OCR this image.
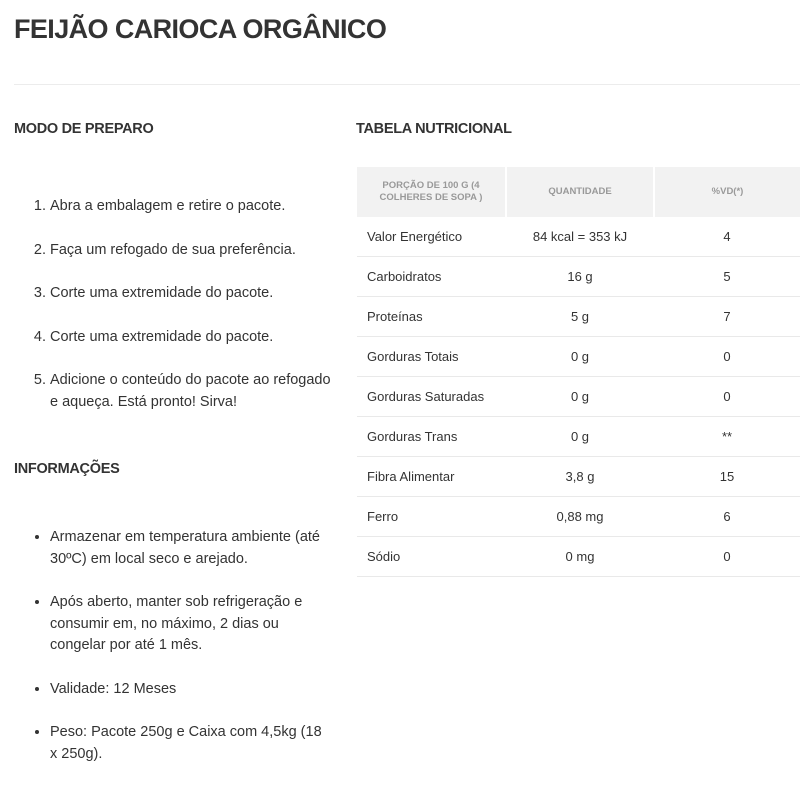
FEIJÃO CARIOCA ORGÂNICO
MODO DE PREPARO
1. Abra a embalagem e retire o pacote.
2. Faça um refogado de sua preferência.
3. Corte uma extremidade do pacote.
4. Corte uma extremidade do pacote.
5. Adicione o conteúdo do pacote ao refogado e aqueça. Está pronto! Sirva!
INFORMAÇÕES
• Armazenar em temperatura ambiente (até 30ºC) em local seco e arejado.
• Após aberto, manter sob refrigeração e consumir em, no máximo, 2 dias ou congelar por até 1 mês.
• Validade: 12 Meses
• Peso: Pacote 250g e Caixa com 4,5kg (18 x 250g).
TABELA NUTRICIONAL
PORÇÃO DE 100 G (4 COLHERES DE SOPA )	QUANTIDADE	%VD(*)
Valor Energético	84 kcal = 353 kJ	4
Carboidratos	16 g	5
Proteínas	5 g	7
Gorduras Totais	0 g	0
Gorduras Saturadas	0 g	0
Gorduras Trans	0 g	**
Fibra Alimentar	3,8 g	15
Ferro	0,88 mg	6
Sódio	0 mg	0
